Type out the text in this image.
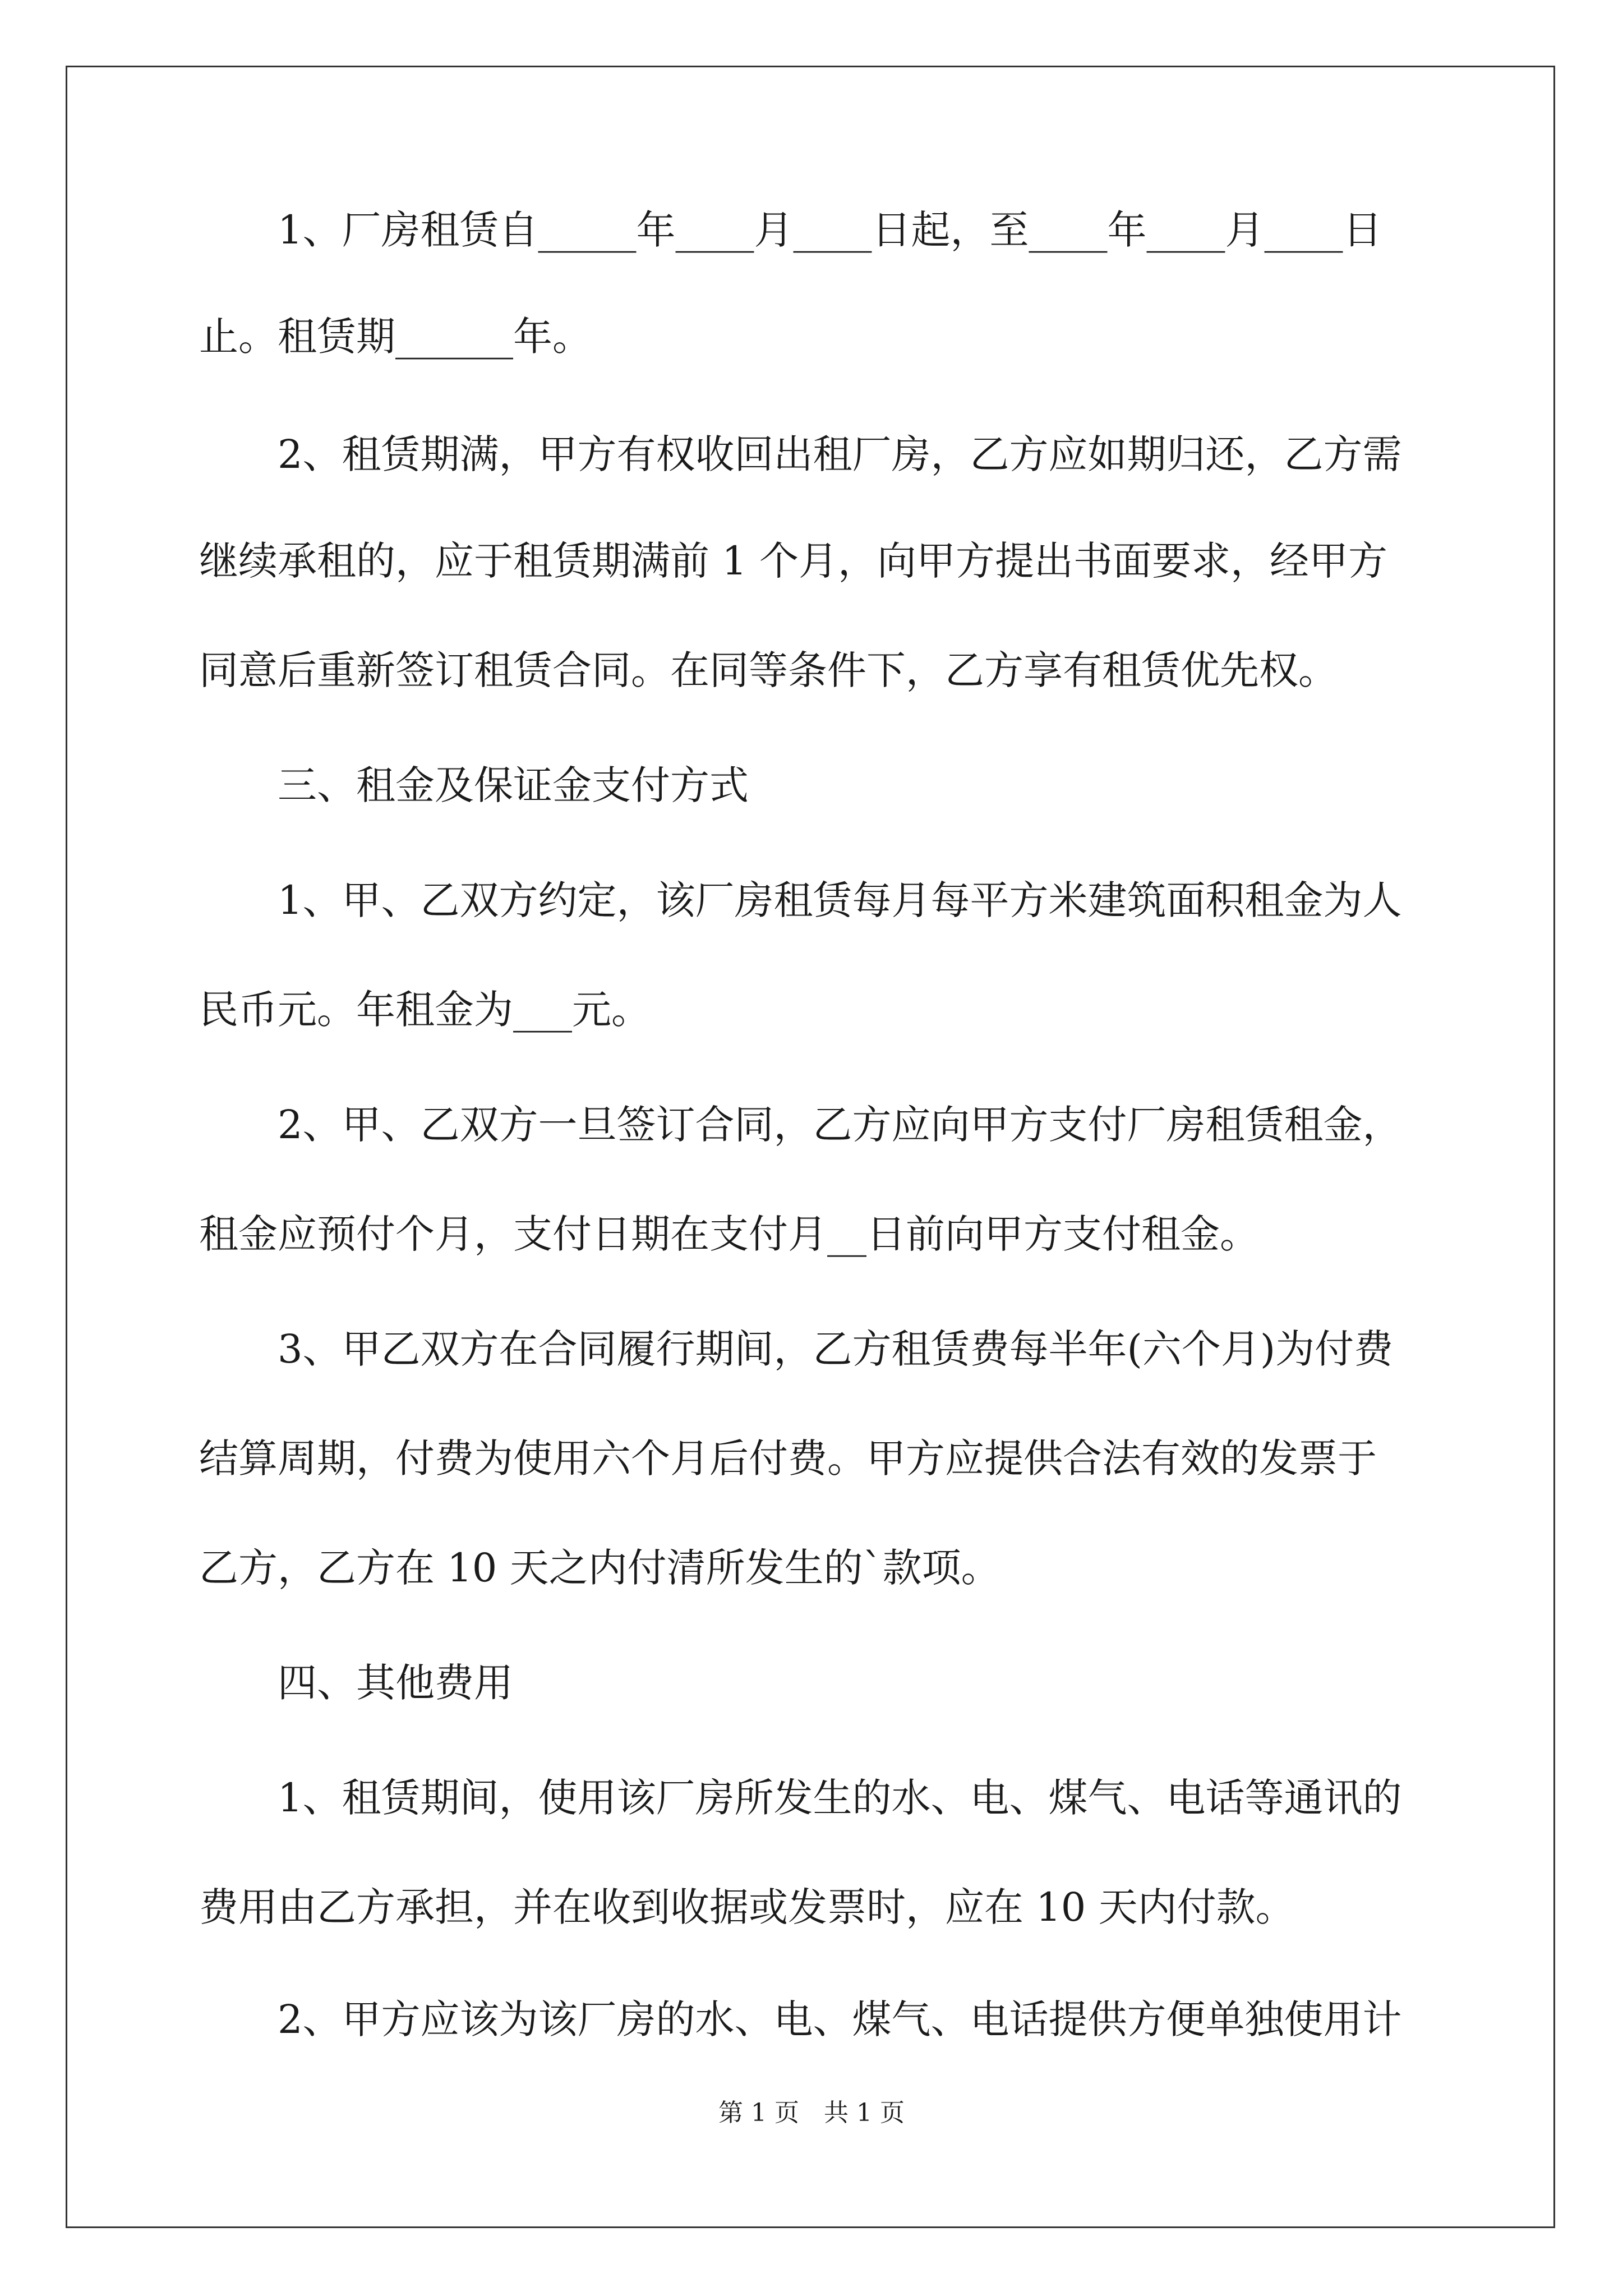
1、厂房租赁自_____年____月____日起，至____年____月____日
止。租赁期______年。
2、租赁期满，甲方有权收回出租厂房，乙方应如期归还，乙方需
继续承租的，应于租赁期满前 1 个月，向甲方提出书面要求，经甲方
同意后重新签订租赁合同。在同等条件下，乙方享有租赁优先权。
三、租金及保证金支付方式
1、甲、乙双方约定，该厂房租赁每月每平方米建筑面积租金为人
民币元。年租金为___元。
2、甲、乙双方一旦签订合同，乙方应向甲方支付厂房租赁租金，
租金应预付个月，支付日期在支付月__日前向甲方支付租金。
3、甲乙双方在合同履行期间，乙方租赁费每半年(六个月)为付费
结算周期，付费为使用六个月后付费。甲方应提供合法有效的发票于
乙方，乙方在 10 天之内付清所发生的`款项。
四、其他费用
1、租赁期间，使用该厂房所发生的水、电、煤气、电话等通讯的
费用由乙方承担，并在收到收据或发票时，应在 10 天内付款。
2、甲方应该为该厂房的水、电、煤气、电话提供方便单独使用计
第 1 页　共 1 页
